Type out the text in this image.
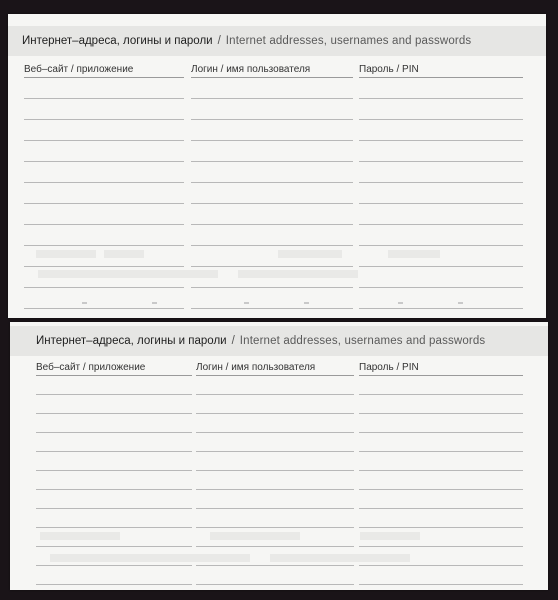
Интернет–адреса, логины и пароли / Internet addresses, usernames and passwords
Веб–сайт / приложение	Логин / имя пользователя	Пароль / PIN
Интернет–адреса, логины и пароли / Internet addresses, usernames and passwords
Веб–сайт / приложение	Логин / имя пользователя	Пароль / PIN
